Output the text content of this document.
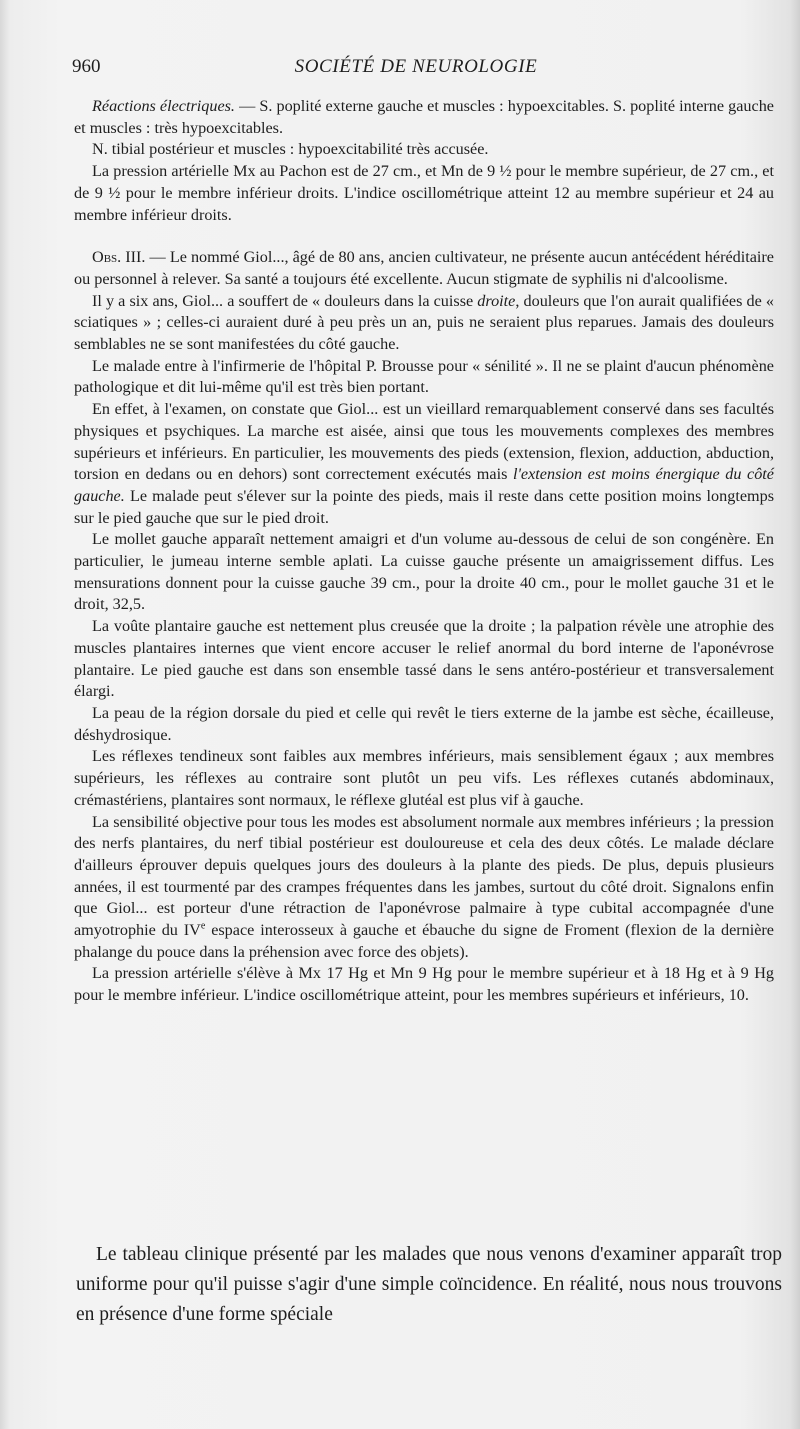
960	SOCIÉTÉ DE NEUROLOGIE

Réactions électriques. — S. poplité externe gauche et muscles : hypoexcitables. S. poplité interne gauche et muscles : très hypoexcitables.

N. tibial postérieur et muscles : hypoexcitabilité très accusée.

La pression artérielle Mx au Pachon est de 27 cm., et Mn de 9 ½ pour le membre supérieur, de 27 cm., et de 9 ½ pour le membre inférieur droits. L'indice oscillométrique atteint 12 au membre supérieur et 24 au membre inférieur droits.

Obs. III. — Le nommé Giol..., âgé de 80 ans, ancien cultivateur, ne présente aucun antécédent héréditaire ou personnel à relever. Sa santé a toujours été excellente. Aucun stigmate de syphilis ni d'alcoolisme.

Il y a six ans, Giol... a souffert de « douleurs dans la cuisse droite, douleurs que l'on aurait qualifiées de « sciatiques » ; celles-ci auraient duré à peu près un an, puis ne seraient plus reparues. Jamais des douleurs semblables ne se sont manifestées du côté gauche.

Le malade entre à l'infirmerie de l'hôpital P. Brousse pour « sénilité ». Il ne se plaint d'aucun phénomène pathologique et dit lui-même qu'il est très bien portant.

En effet, à l'examen, on constate que Giol... est un vieillard remarquablement conservé dans ses facultés physiques et psychiques. La marche est aisée, ainsi que tous les mouvements complexes des membres supérieurs et inférieurs. En particulier, les mouvements des pieds (extension, flexion, adduction, abduction, torsion en dedans ou en dehors) sont correctement exécutés mais l'extension est moins énergique du côté gauche. Le malade peut s'élever sur la pointe des pieds, mais il reste dans cette position moins longtemps sur le pied gauche que sur le pied droit.

Le mollet gauche apparaît nettement amaigri et d'un volume au-dessous de celui de son congénère. En particulier, le jumeau interne semble aplati. La cuisse gauche présente un amaigrissement diffus. Les mensurations donnent pour la cuisse gauche 39 cm., pour la droite 40 cm., pour le mollet gauche 31 et le droit, 32,5.

La voûte plantaire gauche est nettement plus creusée que la droite ; la palpation révèle une atrophie des muscles plantaires internes que vient encore accuser le relief anormal du bord interne de l'aponévrose plantaire. Le pied gauche est dans son ensemble tassé dans le sens antéro-postérieur et transversalement élargi.

La peau de la région dorsale du pied et celle qui revêt le tiers externe de la jambe est sèche, écailleuse, déshydrosique.

Les réflexes tendineux sont faibles aux membres inférieurs, mais sensiblement égaux ; aux membres supérieurs, les réflexes au contraire sont plutôt un peu vifs. Les réflexes cutanés abdominaux, crémastériens, plantaires sont normaux, le réflexe glutéal est plus vif à gauche.

La sensibilité objective pour tous les modes est absolument normale aux membres inférieurs ; la pression des nerfs plantaires, du nerf tibial postérieur est douloureuse et cela des deux côtés. Le malade déclare d'ailleurs éprouver depuis quelques jours des douleurs à la plante des pieds. De plus, depuis plusieurs années, il est tourmenté par des crampes fréquentes dans les jambes, surtout du côté droit. Signalons enfin que Giol... est porteur d'une rétraction de l'aponévrose palmaire à type cubital accompagnée d'une amyotrophie du IVe espace interosseux à gauche et ébauche du signe de Froment (flexion de la dernière phalange du pouce dans la préhension avec force des objets).

La pression artérielle s'élève à Mx 17 Hg et Mn 9 Hg pour le membre supérieur et à 18 Hg et à 9 Hg pour le membre inférieur. L'indice oscillométrique atteint, pour les membres supérieurs et inférieurs, 10.

Le tableau clinique présenté par les malades que nous venons d'examiner apparaît trop uniforme pour qu'il puisse s'agir d'une simple coïncidence. En réalité, nous nous trouvons en présence d'une forme spéciale
